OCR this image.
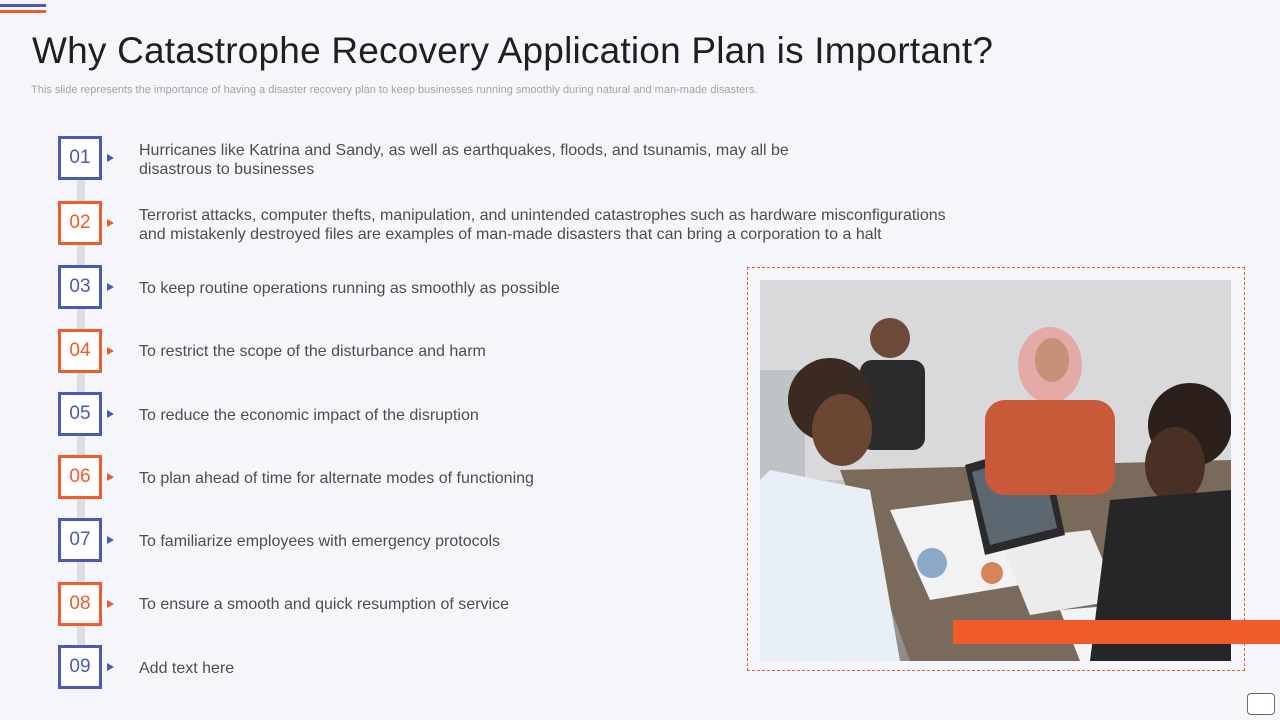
Why Catastrophe Recovery Application Plan is Important?

This slide represents the importance of having a disaster recovery plan to keep businesses running smoothly during natural and man-made disasters.

01	Hurricanes like Katrina and Sandy, as well as earthquakes, floods, and tsunamis, may all be
disastrous to businesses

02	Terrorist attacks, computer thefts, manipulation, and unintended catastrophes such as hardware misconfigurations
and mistakenly destroyed files are examples of man-made disasters that can bring a corporation to a halt

03	To keep routine operations running as smoothly as possible

04	To restrict the scope of the disturbance and harm

05	To reduce the economic impact of the disruption

06	To plan ahead of time for alternate modes of functioning

07	To familiarize employees with emergency protocols

08	To ensure a smooth and quick resumption of service

09	Add text here
